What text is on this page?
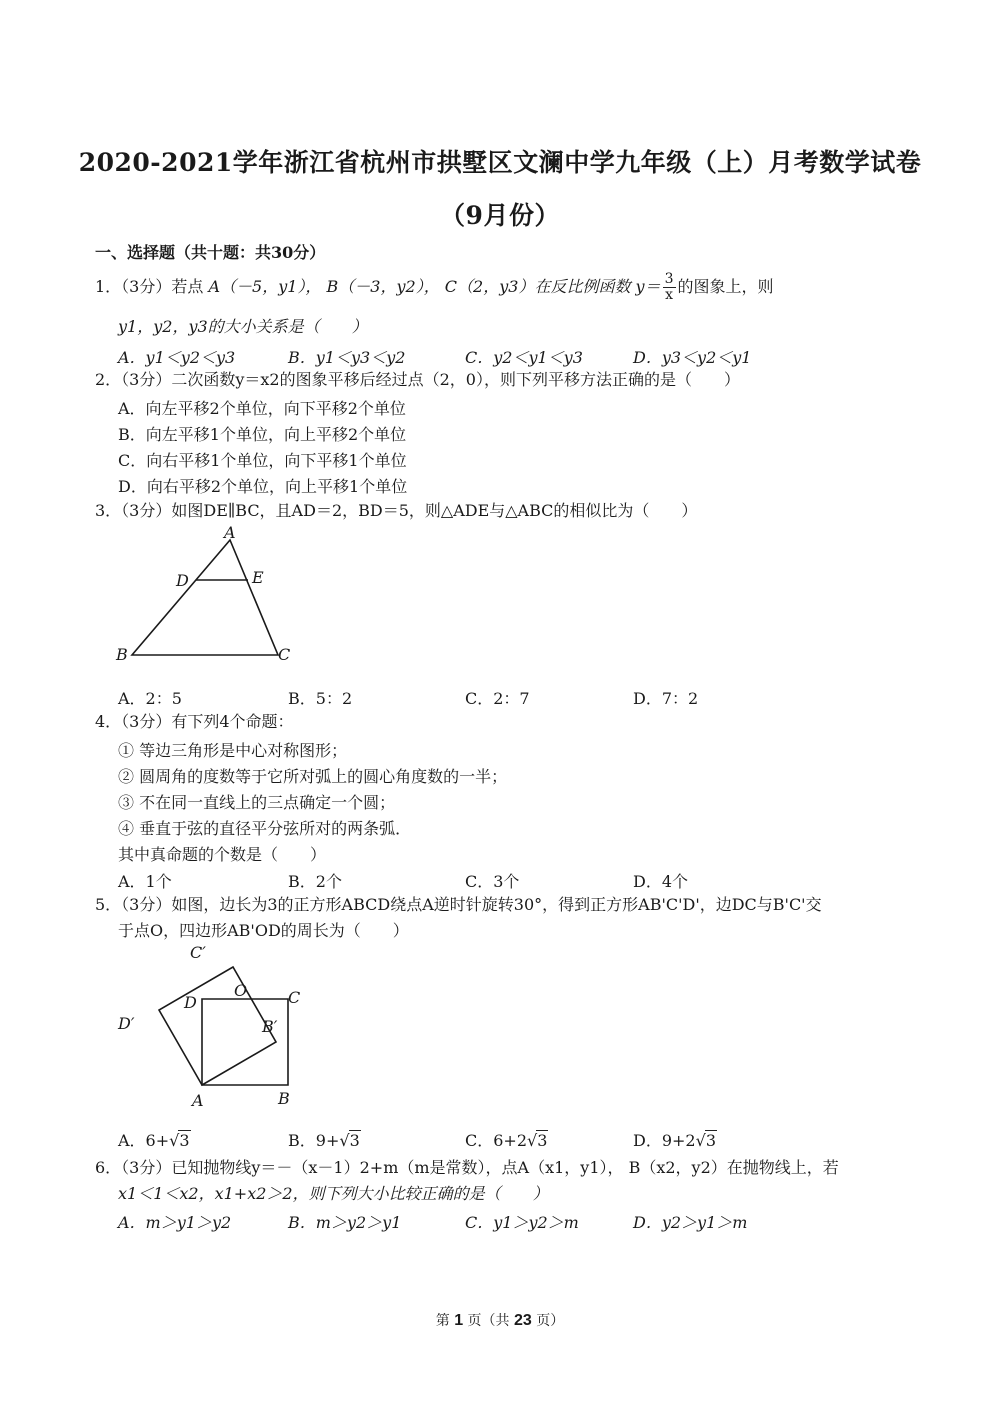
2020-2021学年浙江省杭州市拱墅区文澜中学九年级（上）月考数学试卷
（9月份）
一、选择题（共十题：共30分）
1．（3分）若点 A（－5，y1）， B（－3，y2）， C（2，y3）在反比例函数 $y= \frac{3}{x}$ 的图象上，则
y1，y2，y3的大小关系是（　　）
A．y1＜y2＜y3	B．y1＜y3＜y2	C．y2＜y1＜y3	D．y3＜y2＜y1
2．（3分）二次函数y＝x2的图象平移后经过点（2，0），则下列平移方法正确的是（　　）
A．向左平移2个单位，向下平移2个单位
B．向左平移1个单位，向上平移2个单位
C．向右平移1个单位，向下平移1个单位
D．向右平移2个单位，向上平移1个单位
3．（3分）如图DE∥BC，且AD＝2，BD＝5，则△ADE与△ABC的相似比为（　　）
A
B	C
D	E
A．2：5	B．5：2	C．2：7	D．7：2
4．（3分）有下列4个命题：
① 等边三角形是中心对称图形；
② 圆周角的度数等于它所对弧上的圆心角度数的一半；
③ 不在同一直线上的三点确定一个圆；
④ 垂直于弦的直径平分弦所对的两条弧．
其中真命题的个数是（　　）
A．1个	B．2个	C．3个	D．4个
5．（3分）如图，边长为3的正方形ABCD绕点A逆时针旋转30°，得到正方形AB'C'D'，边DC与B'C'交
于点O，四边形AB'OD的周长为（　　）
A	B
C
D
O
B′
C′
D′
A．6+√3	B．9+√3	C．6+2√3	D．9+2√3
6．（3分）已知抛物线y＝－（x－1）2+m（m是常数），点A（x1，y1）， B（x2，y2）在抛物线上，若
x1＜1＜x2，x1+x2＞2，则下列大小比较正确的是（　　）
A．m＞y1＞y2	B．m＞y2＞y1	C．y1＞y2＞m	D．y2＞y1＞m
第 1 页（共 23 页）
